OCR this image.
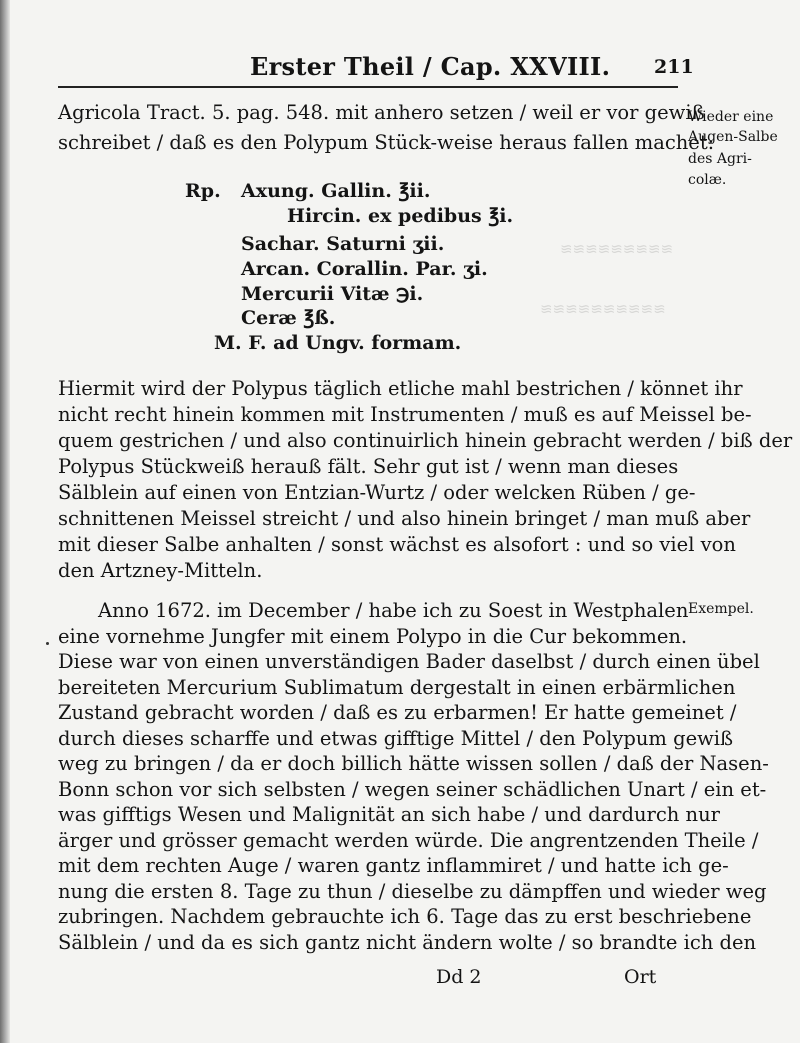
≋≋≋≋≋≋≋≋≋
≋≋≋≋≋≋≋≋≋≋
Erster Theil / Cap. XXVIII. 211
Agricola Tract. 5. pag. 548. mit anhero setzen / weil er vor gewiß
schreibet / daß es den Polypum Stück-weise heraus fallen machet:
Rp. Axung. Gallin. ℥ii.
Hircin. ex pedibus ℥i.
Sachar. Saturni ʒii.
Arcan. Corallin. Par. ʒi.
Mercurii Vitæ ℈i.
Ceræ ℥ß.
M. F. ad Ungv. formam.
Hiermit wird der Polypus täglich etliche mahl bestrichen / könnet ihr
nicht recht hinein kommen mit Instrumenten / muß es auf Meissel be-
quem gestrichen / und also continuirlich hinein gebracht werden / biß der
Polypus Stückweiß herauß fält. Sehr gut ist / wenn man dieses
Sälblein auf einen von Entzian-Wurtz / oder welcken Rüben / ge-
schnittenen Meissel streicht / und also hinein bringet / man muß aber
mit dieser Salbe anhalten / sonst wächst es alsofort : und so viel von
den Artzney-Mitteln.
Anno 1672. im December / habe ich zu Soest in Westphalen
eine vornehme Jungfer mit einem Polypo in die Cur bekommen.
Diese war von einen unverständigen Bader daselbst / durch einen übel
bereiteten Mercurium Sublimatum dergestalt in einen erbärmlichen
Zustand gebracht worden / daß es zu erbarmen! Er hatte gemeinet /
durch dieses scharffe und etwas gifftige Mittel / den Polypum gewiß
weg zu bringen / da er doch billich hätte wissen sollen / daß der Nasen-
Bonn schon vor sich selbsten / wegen seiner schädlichen Unart / ein et-
was gifftigs Wesen und Malignität an sich habe / und dardurch nur
ärger und grösser gemacht werden würde. Die angrentzenden Theile /
mit dem rechten Auge / waren gantz inflammiret / und hatte ich ge-
nung die ersten 8. Tage zu thun / dieselbe zu dämpffen und wieder weg
zubringen. Nachdem gebrauchte ich 6. Tage das zu erst beschriebene
Sälblein / und da es sich gantz nicht ändern wolte / so brandte ich den
Wieder eine
Augen-Salbe
des Agri-
colæ.
Exempel.
Dd 2	Ort
